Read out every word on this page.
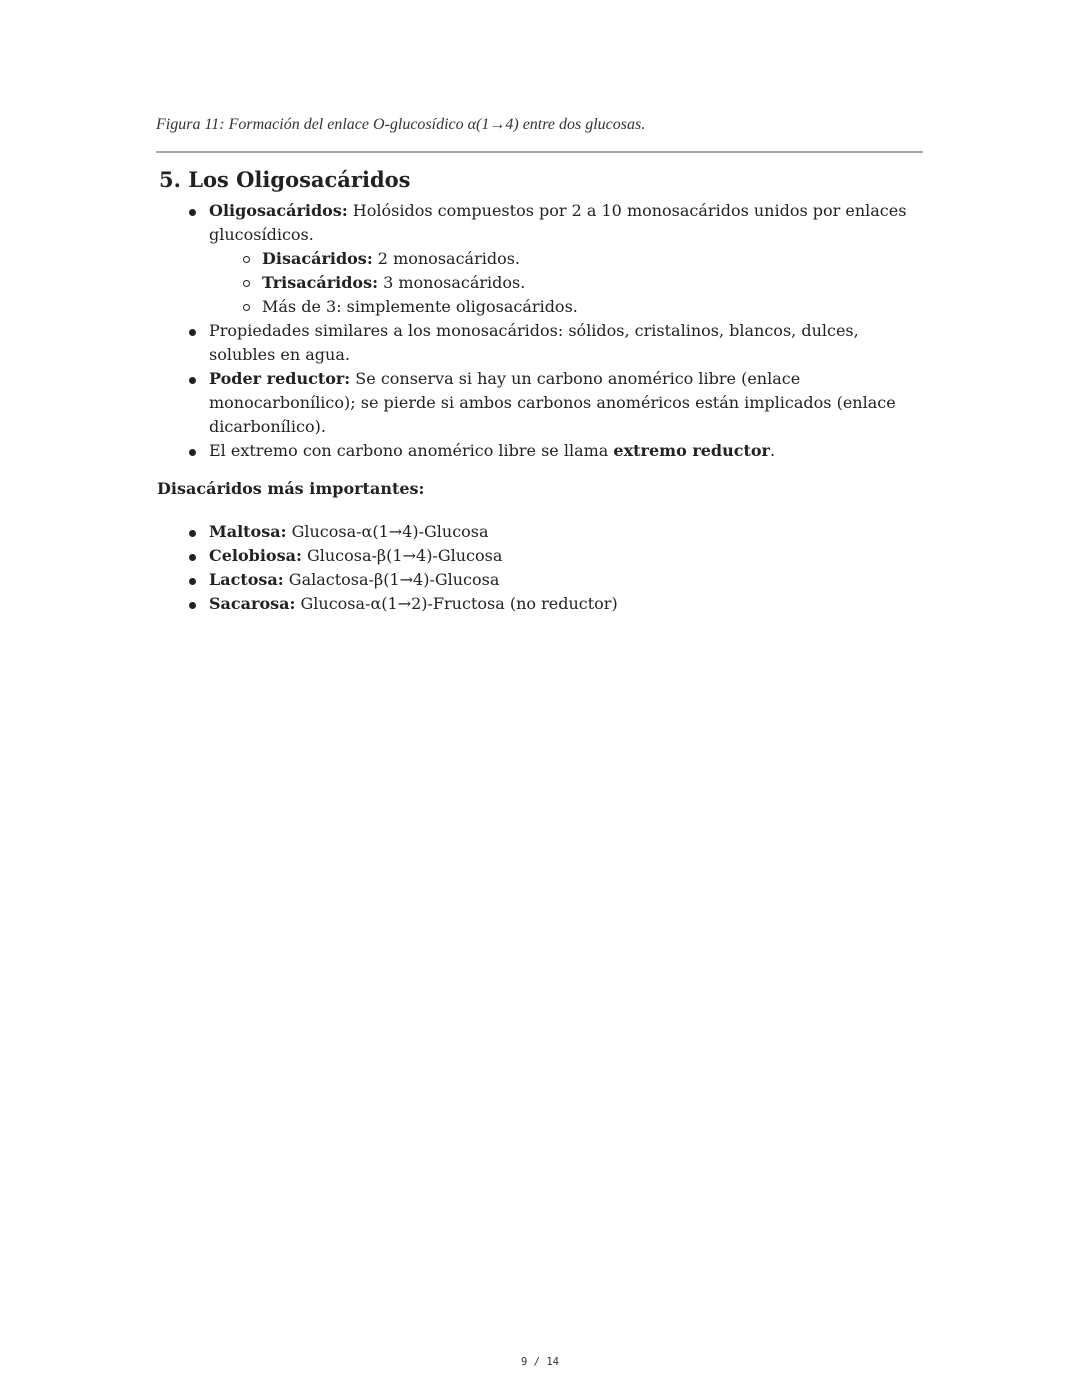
Figura 11: Formación del enlace O-glucosídico α(1→4) entre dos glucosas.
5. Los Oligosacáridos
Oligosacáridos: Holósidos compuestos por 2 a 10 monosacáridos unidos por enlaces glucosídicos.
Disacáridos: 2 monosacáridos.
Trisacáridos: 3 monosacáridos.
Más de 3: simplemente oligosacáridos.
Propiedades similares a los monosacáridos: sólidos, cristalinos, blancos, dulces, solubles en agua.
Poder reductor: Se conserva si hay un carbono anomérico libre (enlace monocarbonílico); se pierde si ambos carbonos anoméricos están implicados (enlace dicarbonílico).
El extremo con carbono anomérico libre se llama extremo reductor.
Disacáridos más importantes:
Maltosa: Glucosa-α(1→4)-Glucosa
Celobiosa: Glucosa-β(1→4)-Glucosa
Lactosa: Galactosa-β(1→4)-Glucosa
Sacarosa: Glucosa-α(1→2)-Fructosa (no reductor)
9 / 14
